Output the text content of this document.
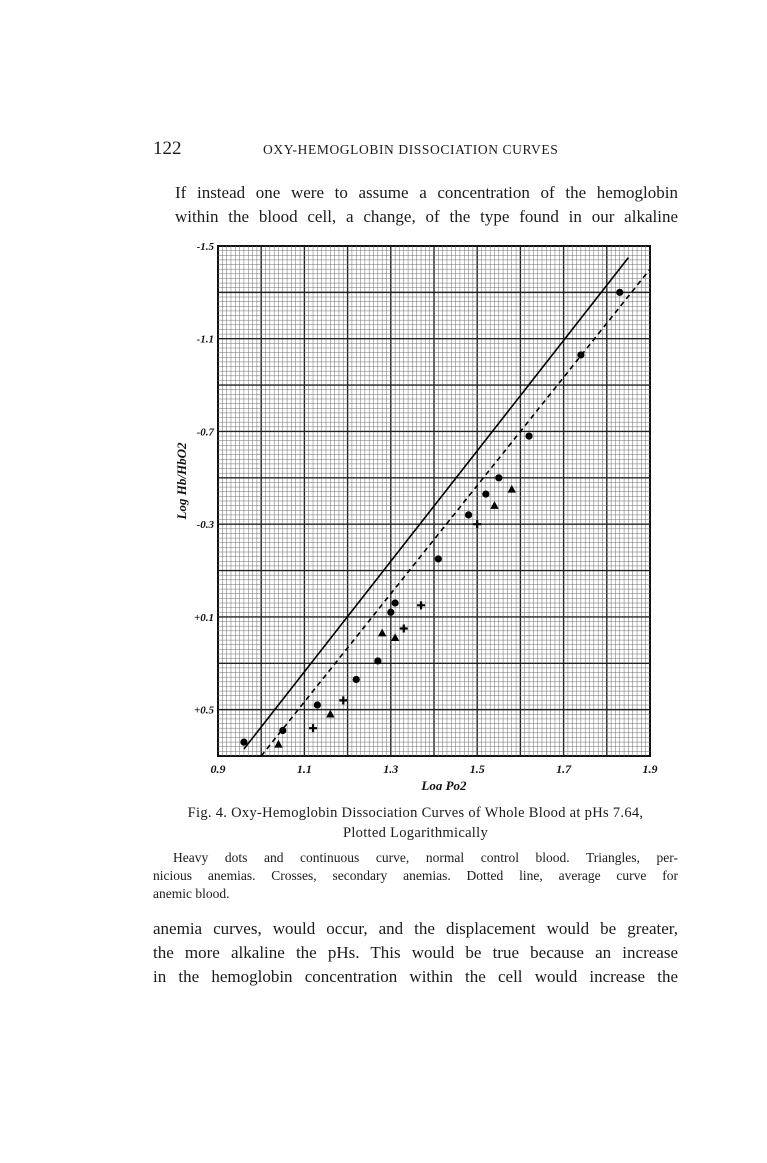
122	OXY-HEMOGLOBIN DISSOCIATION CURVES
If instead one were to assume a concentration of the hemoglobin
within the blood cell, a change, of the type found in our alkaline
-1.5
-1.1
-0.7
-0.3
+0.1
+0.5
0.9	1.1	1.3	1.5	1.7	1.9
Log Po2
Log Hb/HbO2
Fig. 4. Oxy-Hemoglobin Dissociation Curves of Whole Blood at pHs 7.64,
Plotted Logarithmically
Heavy dots and continuous curve, normal control blood. Triangles, per-
nicious anemias. Crosses, secondary anemias. Dotted line, average curve for
anemic blood.
anemia curves, would occur, and the displacement would be greater,
the more alkaline the pHs. This would be true because an increase
in the hemoglobin concentration within the cell would increase the
